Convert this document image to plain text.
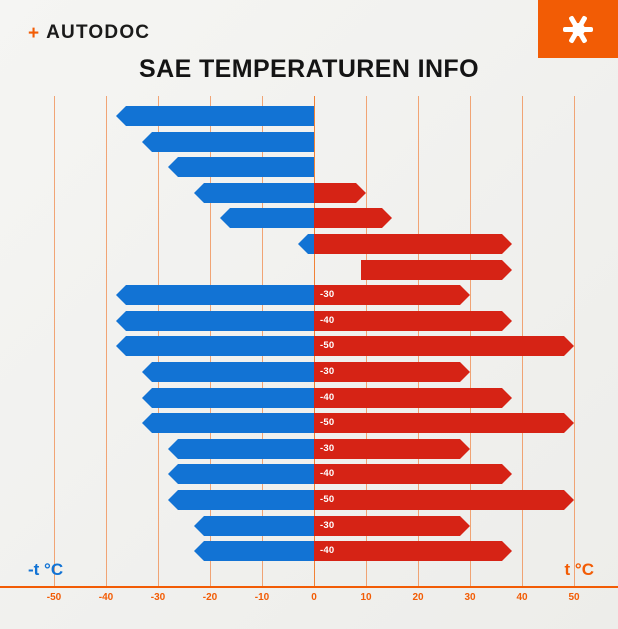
+ AUTODOC
SAE TEMPERATUREN INFO
-30
-40
-50
-30
-40
-50
-30
-40
-50
-30
-40
-t °C	t °C
-50	-40	-30	-20	-10	0	10	20	30	40	50
